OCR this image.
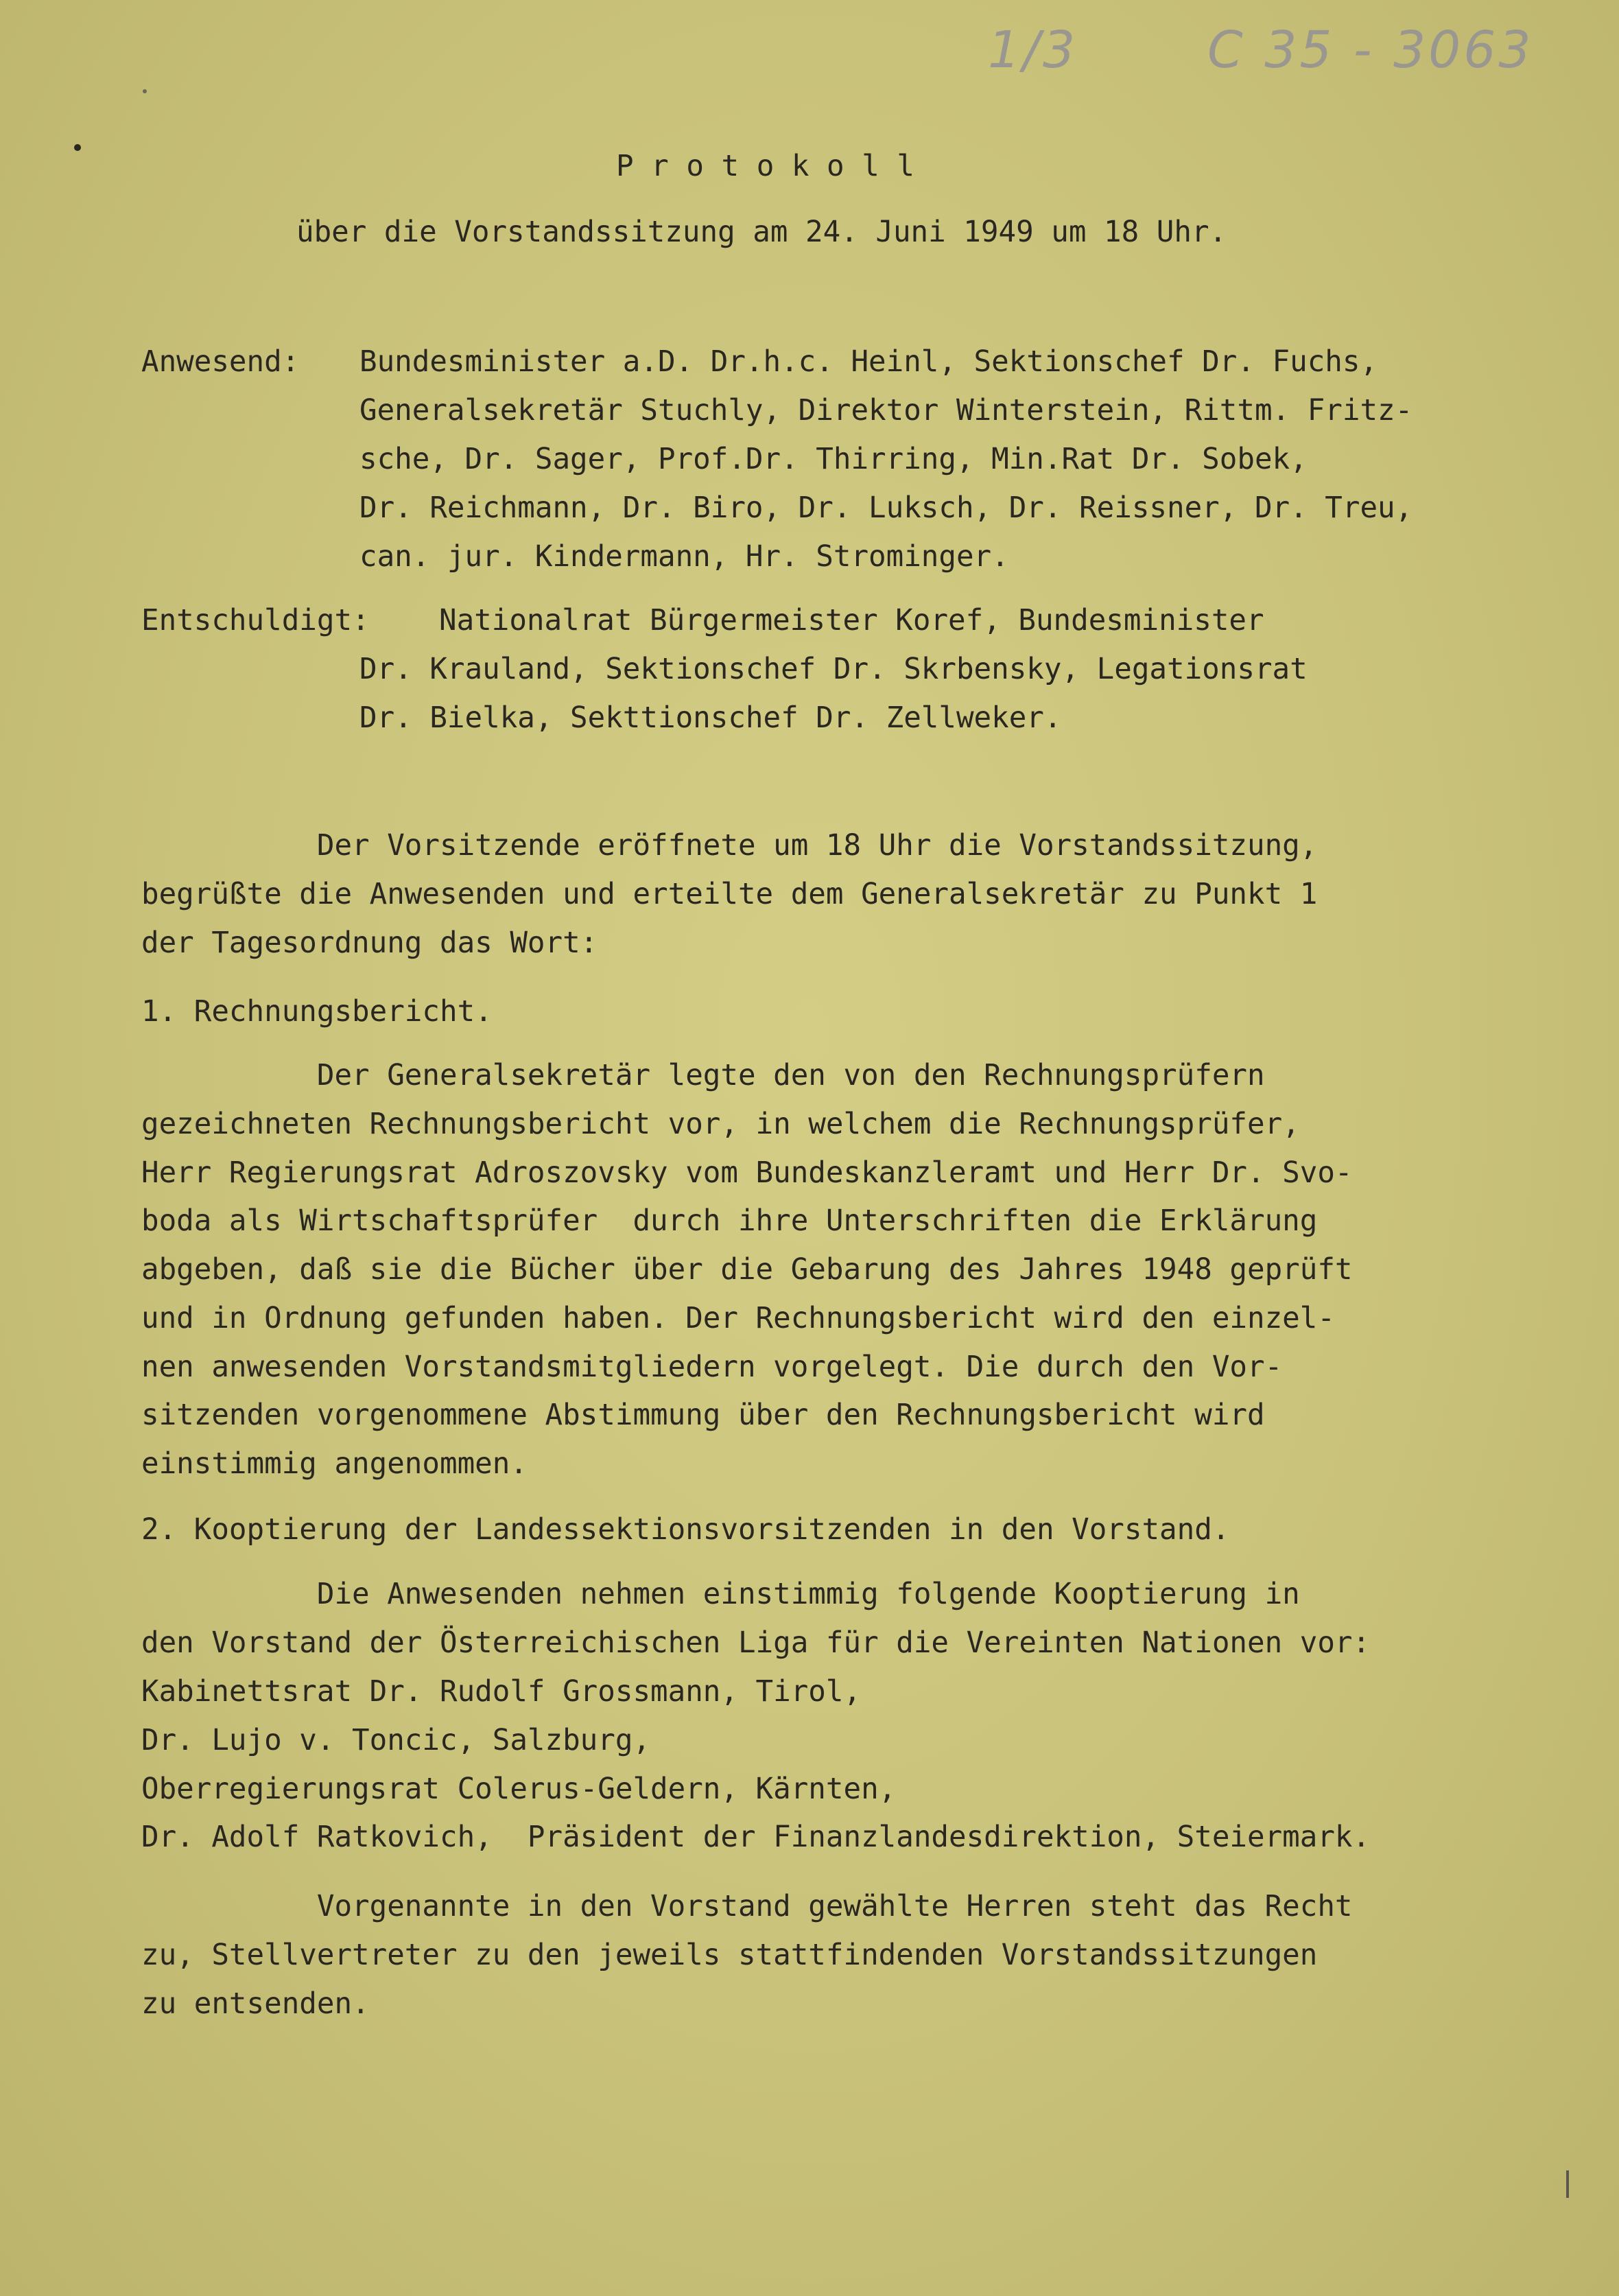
1/3	C 35 - 3063
P r o t o k o l l
über die Vorstandssitzung am 24. Juni 1949 um 18 Uhr.
Anwesend: Bundesminister a.D. Dr.h.c. Heinl, Sektionschef Dr. Fuchs,
Generalsekretär Stuchly, Direktor Winterstein, Rittm. Fritz-
sche, Dr. Sager, Prof.Dr. Thirring, Min.Rat Dr. Sobek,
Dr. Reichmann, Dr. Biro, Dr. Luksch, Dr. Reissner, Dr. Treu,
can. jur. Kindermann, Hr. Strominger.
Entschuldigt: Nationalrat Bürgermeister Koref, Bundesminister
Dr. Krauland, Sektionschef Dr. Skrbensky, Legationsrat
Dr. Bielka, Sekttionschef Dr. Zellweker.
Der Vorsitzende eröffnete um 18 Uhr die Vorstandssitzung,
begrüßte die Anwesenden und erteilte dem Generalsekretär zu Punkt 1
der Tagesordnung das Wort:
1. Rechnungsbericht.
Der Generalsekretär legte den von den Rechnungsprüfern
gezeichneten Rechnungsbericht vor, in welchem die Rechnungsprüfer,
Herr Regierungsrat Adroszovsky vom Bundeskanzleramt und Herr Dr. Svo-
boda als Wirtschaftsprüfer  durch ihre Unterschriften die Erklärung
abgeben, daß sie die Bücher über die Gebarung des Jahres 1948 geprüft
und in Ordnung gefunden haben. Der Rechnungsbericht wird den einzel-
nen anwesenden Vorstandsmitgliedern vorgelegt. Die durch den Vor-
sitzenden vorgenommene Abstimmung über den Rechnungsbericht wird
einstimmig angenommen.
2. Kooptierung der Landessektionsvorsitzenden in den Vorstand.
Die Anwesenden nehmen einstimmig folgende Kooptierung in
den Vorstand der Österreichischen Liga für die Vereinten Nationen vor:
Kabinettsrat Dr. Rudolf Grossmann, Tirol,
Dr. Lujo v. Toncic, Salzburg,
Oberregierungsrat Colerus-Geldern, Kärnten,
Dr. Adolf Ratkovich,  Präsident der Finanzlandesdirektion, Steiermark.
Vorgenannte in den Vorstand gewählte Herren steht das Recht
zu, Stellvertreter zu den jeweils stattfindenden Vorstandssitzungen
zu entsenden.
